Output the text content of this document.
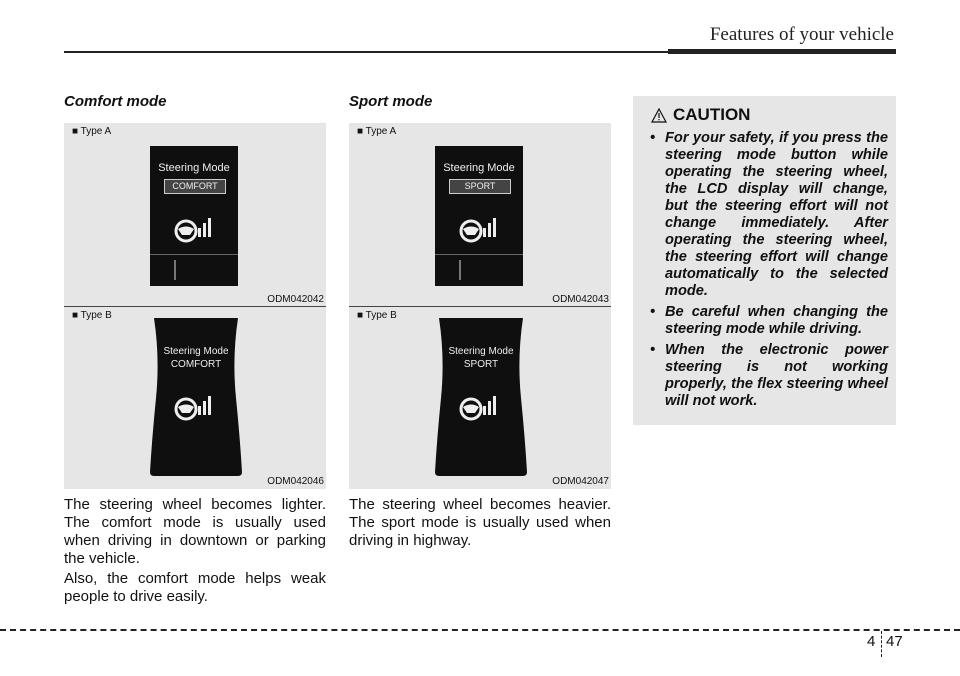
Features of your vehicle
Comfort mode
■ Type A
Steering Mode
COMFORT
ODM042042
■ Type B
Steering Mode
COMFORT
ODM042046

The steering wheel becomes lighter. The comfort mode is usually used when driving in downtown or parking the vehicle.

Also, the comfort mode helps weak people to drive easily.

Sport mode
■ Type A
Steering Mode
SPORT
ODM042043
■ Type B
Steering Mode
SPORT
ODM042047

The steering wheel becomes heavier. The sport mode is usually used when driving in highway.

CAUTION
• For your safety, if you press the steering mode button while operating the steering wheel, the LCD display will change, but the steering effort will not change immediately. After operating the steering wheel, the steering effort will change automatically to the selected mode.
• Be careful when changing the steering mode while driving.
• When the electronic power steering is not working properly, the flex steering wheel will not work.
4 47
